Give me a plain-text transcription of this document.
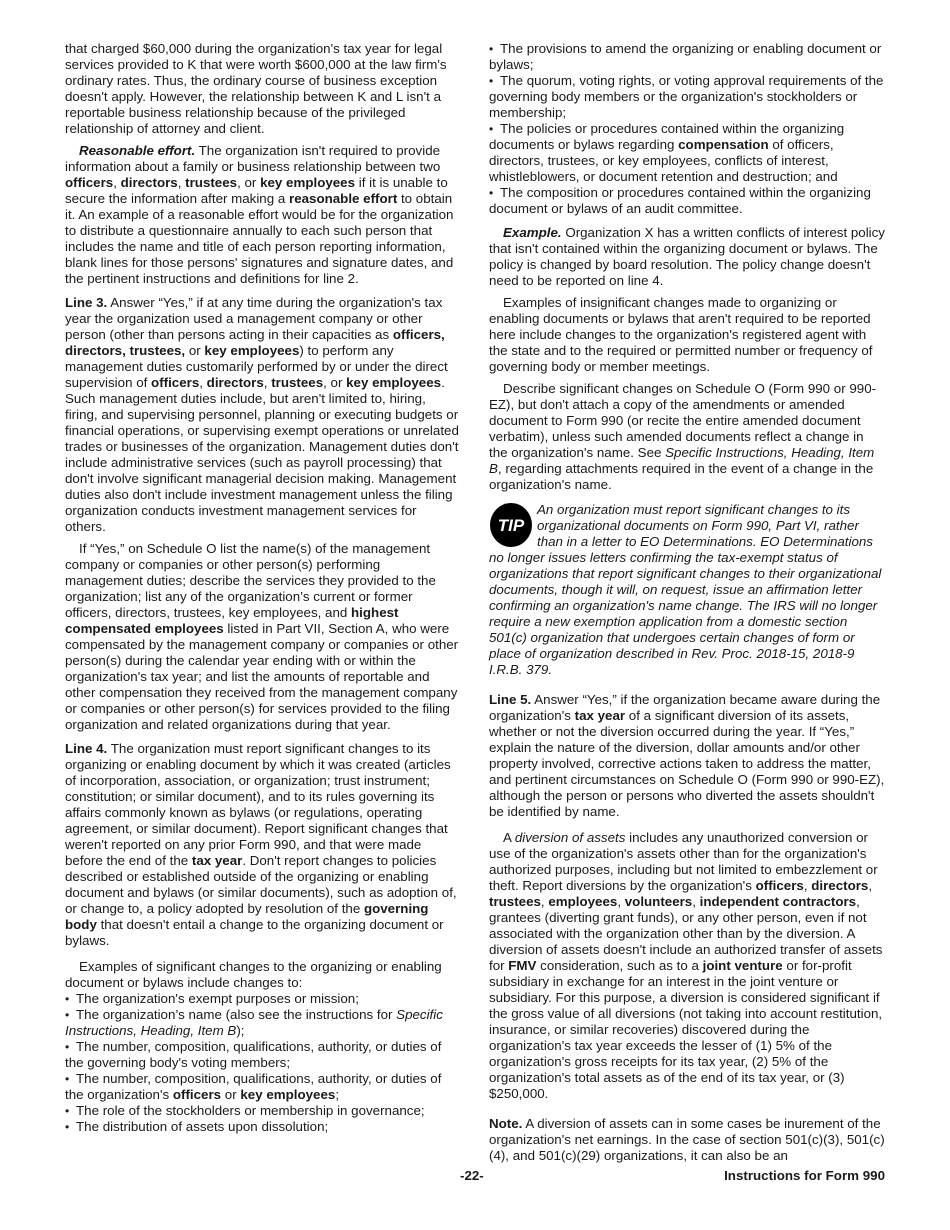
that charged $60,000 during the organization's tax year for legal services provided to K that were worth $600,000 at the law firm's ordinary rates. Thus, the ordinary course of business exception doesn't apply. However, the relationship between K and L isn't a reportable business relationship because of the privileged relationship of attorney and client.

Reasonable effort. The organization isn't required to provide information about a family or business relationship between two officers, directors, trustees, or key employees if it is unable to secure the information after making a reasonable effort to obtain it. An example of a reasonable effort would be for the organization to distribute a questionnaire annually to each such person that includes the name and title of each person reporting information, blank lines for those persons' signatures and signature dates, and the pertinent instructions and definitions for line 2.

Line 3. Answer “Yes,” if at any time during the organization's tax year the organization used a management company or other person (other than persons acting in their capacities as officers, directors, trustees, or key employees) to perform any management duties customarily performed by or under the direct supervision of officers, directors, trustees, or key employees. Such management duties include, but aren't limited to, hiring, firing, and supervising personnel, planning or executing budgets or financial operations, or supervising exempt operations or unrelated trades or businesses of the organization. Management duties don't include administrative services (such as payroll processing) that don't involve significant managerial decision making. Management duties also don't include investment management unless the filing organization conducts investment management services for others.

If “Yes,” on Schedule O list the name(s) of the management company or companies or other person(s) performing management duties; describe the services they provided to the organization; list any of the organization’s current or former officers, directors, trustees, key employees, and highest compensated employees listed in Part VII, Section A, who were compensated by the management company or companies or other person(s) during the calendar year ending with or within the organization's tax year; and list the amounts of reportable and other compensation they received from the management company or companies or other person(s) for services provided to the filing organization and related organizations during that year.

Line 4. The organization must report significant changes to its organizing or enabling document by which it was created (articles of incorporation, association, or organization; trust instrument; constitution; or similar document), and to its rules governing its affairs commonly known as bylaws (or regulations, operating agreement, or similar document). Report significant changes that weren't reported on any prior Form 990, and that were made before the end of the tax year. Don't report changes to policies described or established outside of the organizing or enabling document and bylaws (or similar documents), such as adoption of, or change to, a policy adopted by resolution of the governing body that doesn't entail a change to the organizing document or bylaws.

Examples of significant changes to the organizing or enabling document or bylaws include changes to:

• The organization's exempt purposes or mission;
• The organization’s name (also see the instructions for Specific Instructions, Heading, Item B);
• The number, composition, qualifications, authority, or duties of the governing body's voting members;
• The number, composition, qualifications, authority, or duties of the organization's officers or key employees;
• The role of the stockholders or membership in governance;
• The distribution of assets upon dissolution;
• The provisions to amend the organizing or enabling document or bylaws;
• The quorum, voting rights, or voting approval requirements of the governing body members or the organization's stockholders or membership;
• The policies or procedures contained within the organizing documents or bylaws regarding compensation of officers, directors, trustees, or key employees, conflicts of interest, whistleblowers, or document retention and destruction; and
• The composition or procedures contained within the organizing document or bylaws of an audit committee.

Example. Organization X has a written conflicts of interest policy that isn't contained within the organizing document or bylaws. The policy is changed by board resolution. The policy change doesn't need to be reported on line 4.

Examples of insignificant changes made to organizing or enabling documents or bylaws that aren't required to be reported here include changes to the organization's registered agent with the state and to the required or permitted number or frequency of governing body or member meetings.

Describe significant changes on Schedule O (Form 990 or 990-EZ), but don't attach a copy of the amendments or amended document to Form 990 (or recite the entire amended document verbatim), unless such amended documents reflect a change in the organization's name. See Specific Instructions, Heading, Item B, regarding attachments required in the event of a change in the organization's name.

TIP
An organization must report significant changes to its organizational documents on Form 990, Part VI, rather than in a letter to EO Determinations. EO Determinations no longer issues letters confirming the tax-exempt status of organizations that report significant changes to their organizational documents, though it will, on request, issue an affirmation letter confirming an organization's name change. The IRS will no longer require a new exemption application from a domestic section 501(c) organization that undergoes certain changes of form or place of organization described in Rev. Proc. 2018-15, 2018-9 I.R.B. 379.

Line 5. Answer “Yes,” if the organization became aware during the organization's tax year of a significant diversion of its assets, whether or not the diversion occurred during the year. If “Yes,” explain the nature of the diversion, dollar amounts and/or other property involved, corrective actions taken to address the matter, and pertinent circumstances on Schedule O (Form 990 or 990-EZ), although the person or persons who diverted the assets shouldn't be identified by name.

A diversion of assets includes any unauthorized conversion or use of the organization's assets other than for the organization's authorized purposes, including but not limited to embezzlement or theft. Report diversions by the organization's officers, directors, trustees, employees, volunteers, independent contractors, grantees (diverting grant funds), or any other person, even if not associated with the organization other than by the diversion. A diversion of assets doesn't include an authorized transfer of assets for FMV consideration, such as to a joint venture or for-profit subsidiary in exchange for an interest in the joint venture or subsidiary. For this purpose, a diversion is considered significant if the gross value of all diversions (not taking into account restitution, insurance, or similar recoveries) discovered during the organization's tax year exceeds the lesser of (1) 5% of the organization's gross receipts for its tax year, (2) 5% of the organization's total assets as of the end of its tax year, or (3) $250,000.

Note. A diversion of assets can in some cases be inurement of the organization's net earnings. In the case of section 501(c)(3), 501(c)(4), and 501(c)(29) organizations, it can also be an

-22-	Instructions for Form 990
